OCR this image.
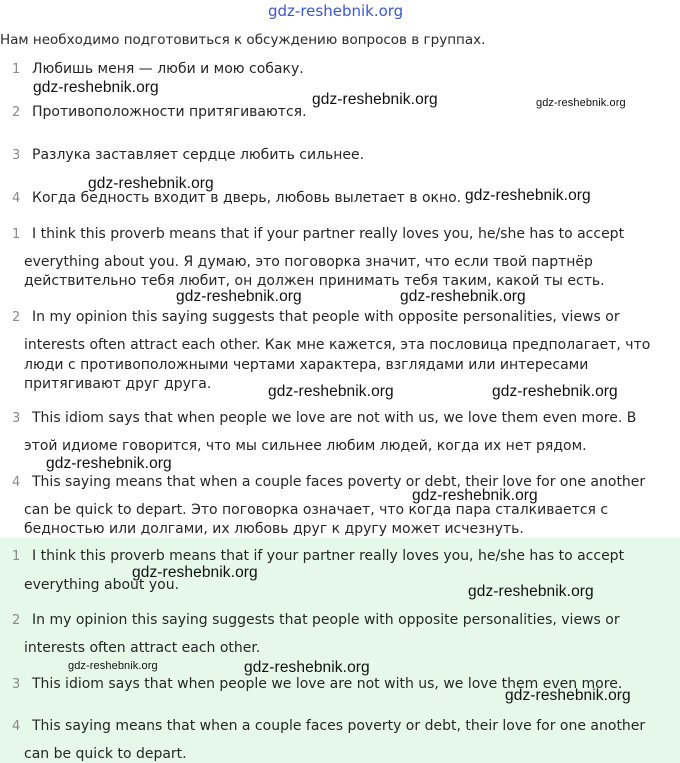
gdz-reshebnik.org
Нам необходимо подготовиться к обсуждению вопросов в группах.
1 Любишь меня — люби и мою собаку.
2 Противоположности притягиваются.
3 Разлука заставляет сердце любить сильнее.
4 Когда бедность входит в дверь, любовь вылетает в окно.
1 I think this proverb means that if your partner really loves you, he/she has to accept
everything about you. Я думаю, это поговорка значит, что если твой партнёр
действительно тебя любит, он должен принимать тебя таким, какой ты есть.
2 In my opinion this saying suggests that people with opposite personalities, views or
interests often attract each other. Как мне кажется, эта пословица предполагает, что
люди с противоположными чертами характера, взглядами или интересами
притягивают друг друга.
3 This idiom says that when people we love are not with us, we love them even more. В
этой идиоме говорится, что мы сильнее любим людей, когда их нет рядом.
4 This saying means that when a couple faces poverty or debt, their love for one another
can be quick to depart. Это поговорка означает, что когда пара сталкивается с
бедностью или долгами, их любовь друг к другу может исчезнуть.
1 I think this proverb means that if your partner really loves you, he/she has to accept
everything about you.
2 In my opinion this saying suggests that people with opposite personalities, views or
interests often attract each other.
3 This idiom says that when people we love are not with us, we love them even more.
4 This saying means that when a couple faces poverty or debt, their love for one another
can be quick to depart.
gdz-reshebnik.org
gdz-reshebnik.org	gdz-reshebnik.org
gdz-reshebnik.org
gdz-reshebnik.org
gdz-reshebnik.org	gdz-reshebnik.org
gdz-reshebnik.org	gdz-reshebnik.org
gdz-reshebnik.org
gdz-reshebnik.org
gdz-reshebnik.org
gdz-reshebnik.org
gdz-reshebnik.org	gdz-reshebnik.org
gdz-reshebnik.org
